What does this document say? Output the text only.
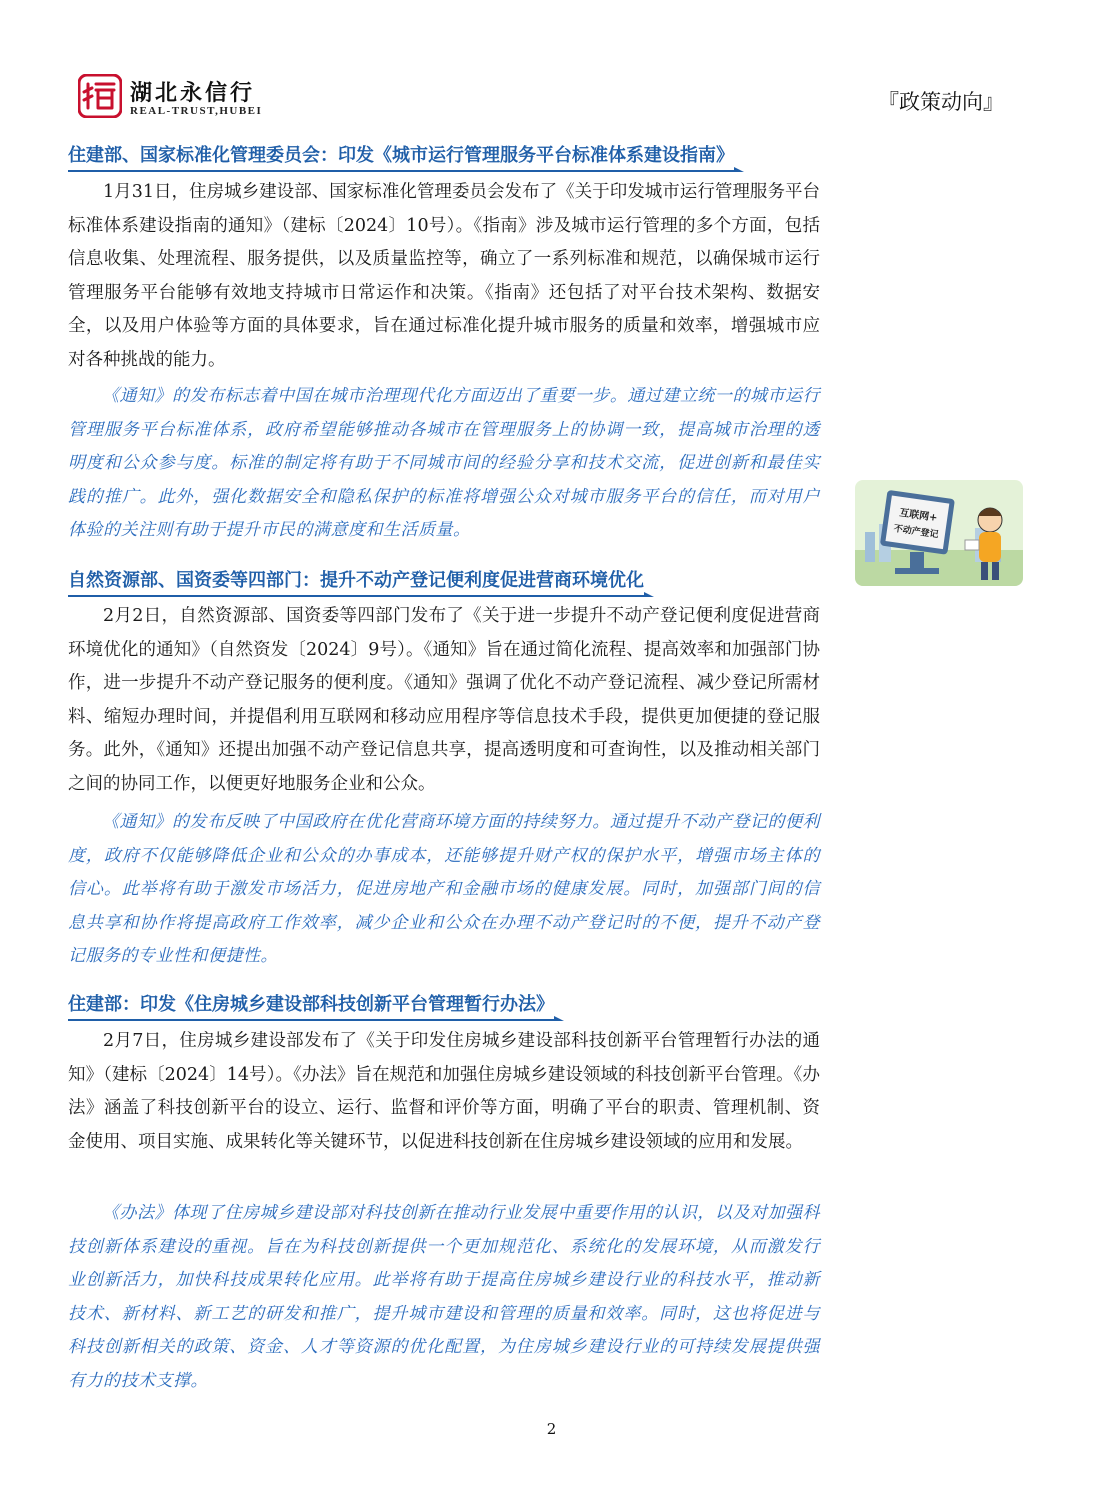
湖北永信行
REAL-TRUST,HUBEI	『政策动向』
住建部、国家标准化管理委员会：印发《城市运行管理服务平台标准体系建设指南》

1月31日，住房城乡建设部、国家标准化管理委员会发布了《关于印发城市运行管理服务平台标准体系建设指南的通知》（建标〔2024〕10号）。《指南》涉及城市运行管理的多个方面，包括信息收集、处理流程、服务提供，以及质量监控等，确立了一系列标准和规范，以确保城市运行管理服务平台能够有效地支持城市日常运作和决策。《指南》还包括了对平台技术架构、数据安全，以及用户体验等方面的具体要求，旨在通过标准化提升城市服务的质量和效率，增强城市应对各种挑战的能力。

《通知》的发布标志着中国在城市治理现代化方面迈出了重要一步。通过建立统一的城市运行管理服务平台标准体系，政府希望能够推动各城市在管理服务上的协调一致，提高城市治理的透明度和公众参与度。标准的制定将有助于不同城市间的经验分享和技术交流，促进创新和最佳实践的推广。此外，强化数据安全和隐私保护的标准将增强公众对城市服务平台的信任，而对用户体验的关注则有助于提升市民的满意度和生活质量。

互联网+
不动产登记
自然资源部、国资委等四部门：提升不动产登记便利度促进营商环境优化

2月2日，自然资源部、国资委等四部门发布了《关于进一步提升不动产登记便利度促进营商环境优化的通知》（自然资发〔2024〕9号）。《通知》旨在通过简化流程、提高效率和加强部门协作，进一步提升不动产登记服务的便利度。《通知》强调了优化不动产登记流程、减少登记所需材料、缩短办理时间，并提倡利用互联网和移动应用程序等信息技术手段，提供更加便捷的登记服务。此外，《通知》还提出加强不动产登记信息共享，提高透明度和可查询性，以及推动相关部门之间的协同工作，以便更好地服务企业和公众。

《通知》的发布反映了中国政府在优化营商环境方面的持续努力。通过提升不动产登记的便利度，政府不仅能够降低企业和公众的办事成本，还能够提升财产权的保护水平，增强市场主体的信心。此举将有助于激发市场活力，促进房地产和金融市场的健康发展。同时，加强部门间的信息共享和协作将提高政府工作效率，减少企业和公众在办理不动产登记时的不便，提升不动产登记服务的专业性和便捷性。

住建部：印发《住房城乡建设部科技创新平台管理暂行办法》

2月7日，住房城乡建设部发布了《关于印发住房城乡建设部科技创新平台管理暂行办法的通知》（建标〔2024〕14号）。《办法》旨在规范和加强住房城乡建设领域的科技创新平台管理。《办法》涵盖了科技创新平台的设立、运行、监督和评价等方面，明确了平台的职责、管理机制、资金使用、项目实施、成果转化等关键环节，以促进科技创新在住房城乡建设领域的应用和发展。

《办法》体现了住房城乡建设部对科技创新在推动行业发展中重要作用的认识，以及对加强科技创新体系建设的重视。旨在为科技创新提供一个更加规范化、系统化的发展环境，从而激发行业创新活力，加快科技成果转化应用。此举将有助于提高住房城乡建设行业的科技水平，推动新技术、新材料、新工艺的研发和推广，提升城市建设和管理的质量和效率。同时，这也将促进与科技创新相关的政策、资金、人才等资源的优化配置，为住房城乡建设行业的可持续发展提供强有力的技术支撑。

2
